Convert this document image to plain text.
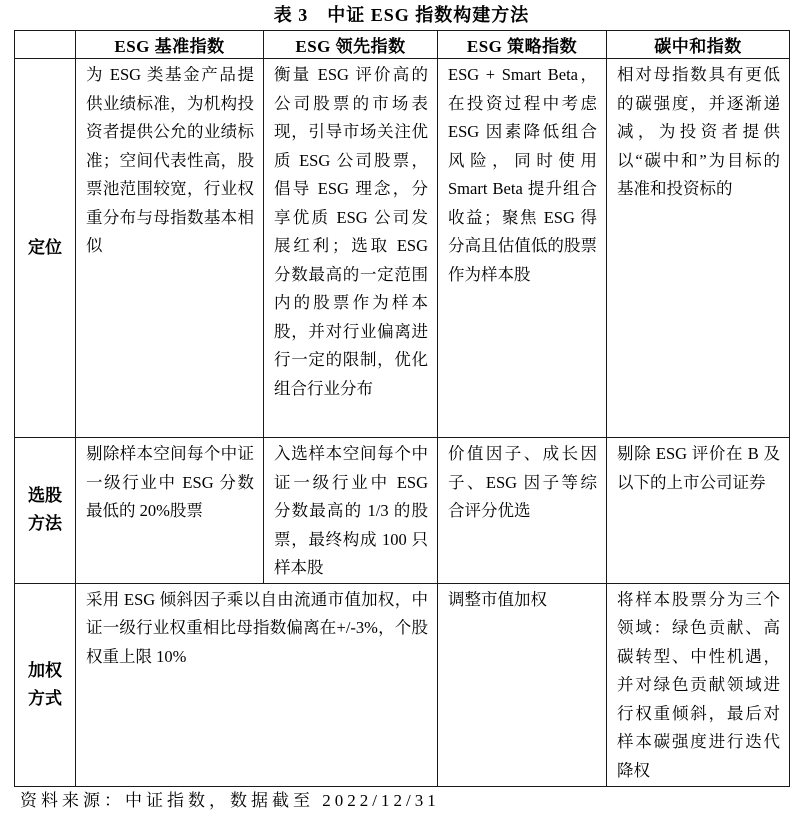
表 3　中证 ESG 指数构建方法
	ESG 基准指数	ESG 领先指数	ESG 策略指数	碳中和指数
定位	为 ESG 类基金产品提供业绩标准，为机构投资者提供公允的业绩标准；空间代表性高，股票池范围较宽，行业权重分布与母指数基本相似	衡量 ESG 评价高的公司股票的市场表现，引导市场关注优质 ESG 公司股票，倡导 ESG 理念，分享优质 ESG 公司发展红利；选取 ESG 分数最高的一定范围内的股票作为样本股，并对行业偏离进行一定的限制，优化组合行业分布	ESG + Smart Beta，在投资过程中考虑 ESG 因素降低组合风险，同时使用 Smart Beta 提升组合收益；聚焦 ESG 得分高且估值低的股票作为样本股	相对母指数具有更低的碳强度，并逐渐递减，为投资者提供以“碳中和”为目标的基准和投资标的
选股方法	剔除样本空间每个中证一级行业中 ESG 分数最低的 20%股票	入选样本空间每个中证一级行业中 ESG 分数最高的 1/3 的股票，最终构成 100 只样本股	价值因子、成长因子、ESG 因子等综合评分优选	剔除 ESG 评价在 B 及以下的上市公司证券
加权方式	采用 ESG 倾斜因子乘以自由流通市值加权，中证一级行业权重相比母指数偏离在+/-3%，个股权重上限 10%		调整市值加权	将样本股票分为三个领域：绿色贡献、高碳转型、中性机遇，并对绿色贡献领域进行权重倾斜，最后对样本碳强度进行迭代降权
资料来源：中证指数，数据截至 2022/12/31
